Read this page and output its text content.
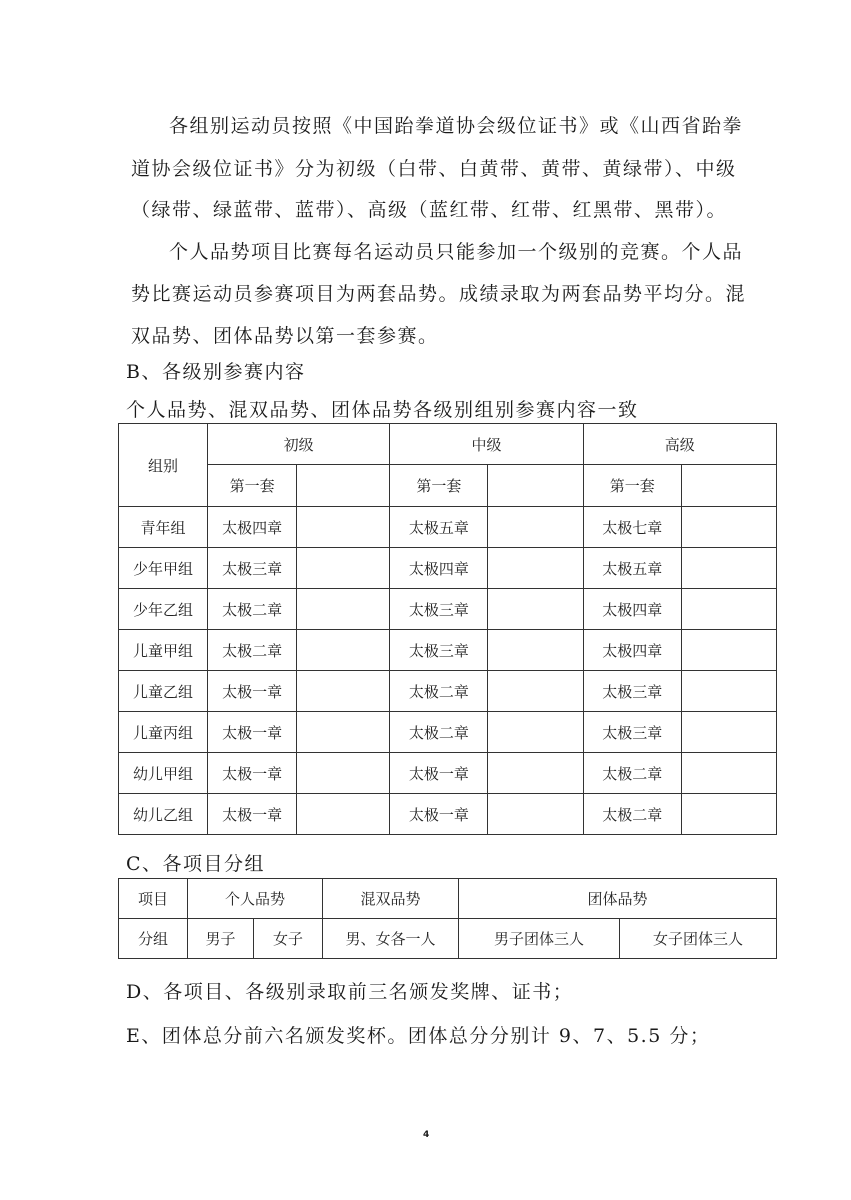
各组别运动员按照《中国跆拳道协会级位证书》或《山西省跆拳
道协会级位证书》分为初级（白带、白黄带、黄带、黄绿带）、中级
（绿带、绿蓝带、蓝带）、高级（蓝红带、红带、红黑带、黑带）。
个人品势项目比赛每名运动员只能参加一个级别的竞赛。个人品
势比赛运动员参赛项目为两套品势。成绩录取为两套品势平均分。混
双品势、团体品势以第一套参赛。
B、各级别参赛内容
个人品势、混双品势、团体品势各级别组别参赛内容一致
组别	初级		中级		高级	
	第一套		第一套		第一套	
青年组	太极四章		太极五章		太极七章	
少年甲组	太极三章		太极四章		太极五章	
少年乙组	太极二章		太极三章		太极四章	
儿童甲组	太极二章		太极三章		太极四章	
儿童乙组	太极一章		太极二章		太极三章	
儿童丙组	太极一章		太极二章		太极三章	
幼儿甲组	太极一章		太极一章		太极二章	
幼儿乙组	太极一章		太极一章		太极二章	
C、各项目分组
项目	个人品势		混双品势	团体品势	
分组	男子	女子	男、女各一人	男子团体三人	女子团体三人
D、各项目、各级别录取前三名颁发奖牌、证书；
E、团体总分前六名颁发奖杯。团体总分分别计 9、7、5.5 分；
4
